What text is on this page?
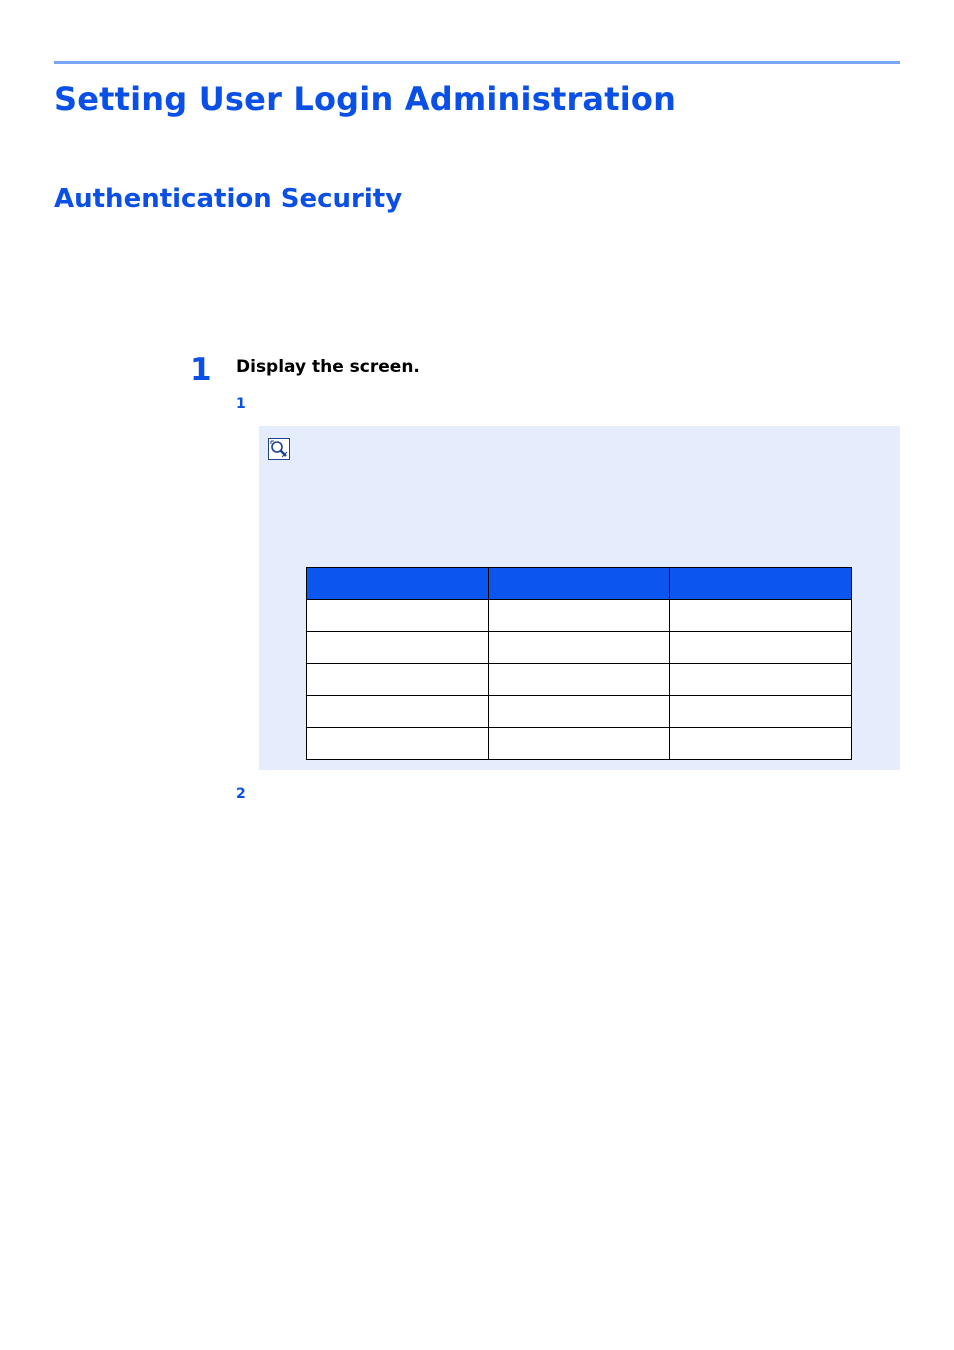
Setting User Login Administration
Authentication Security
1 Display the screen.
1

2
